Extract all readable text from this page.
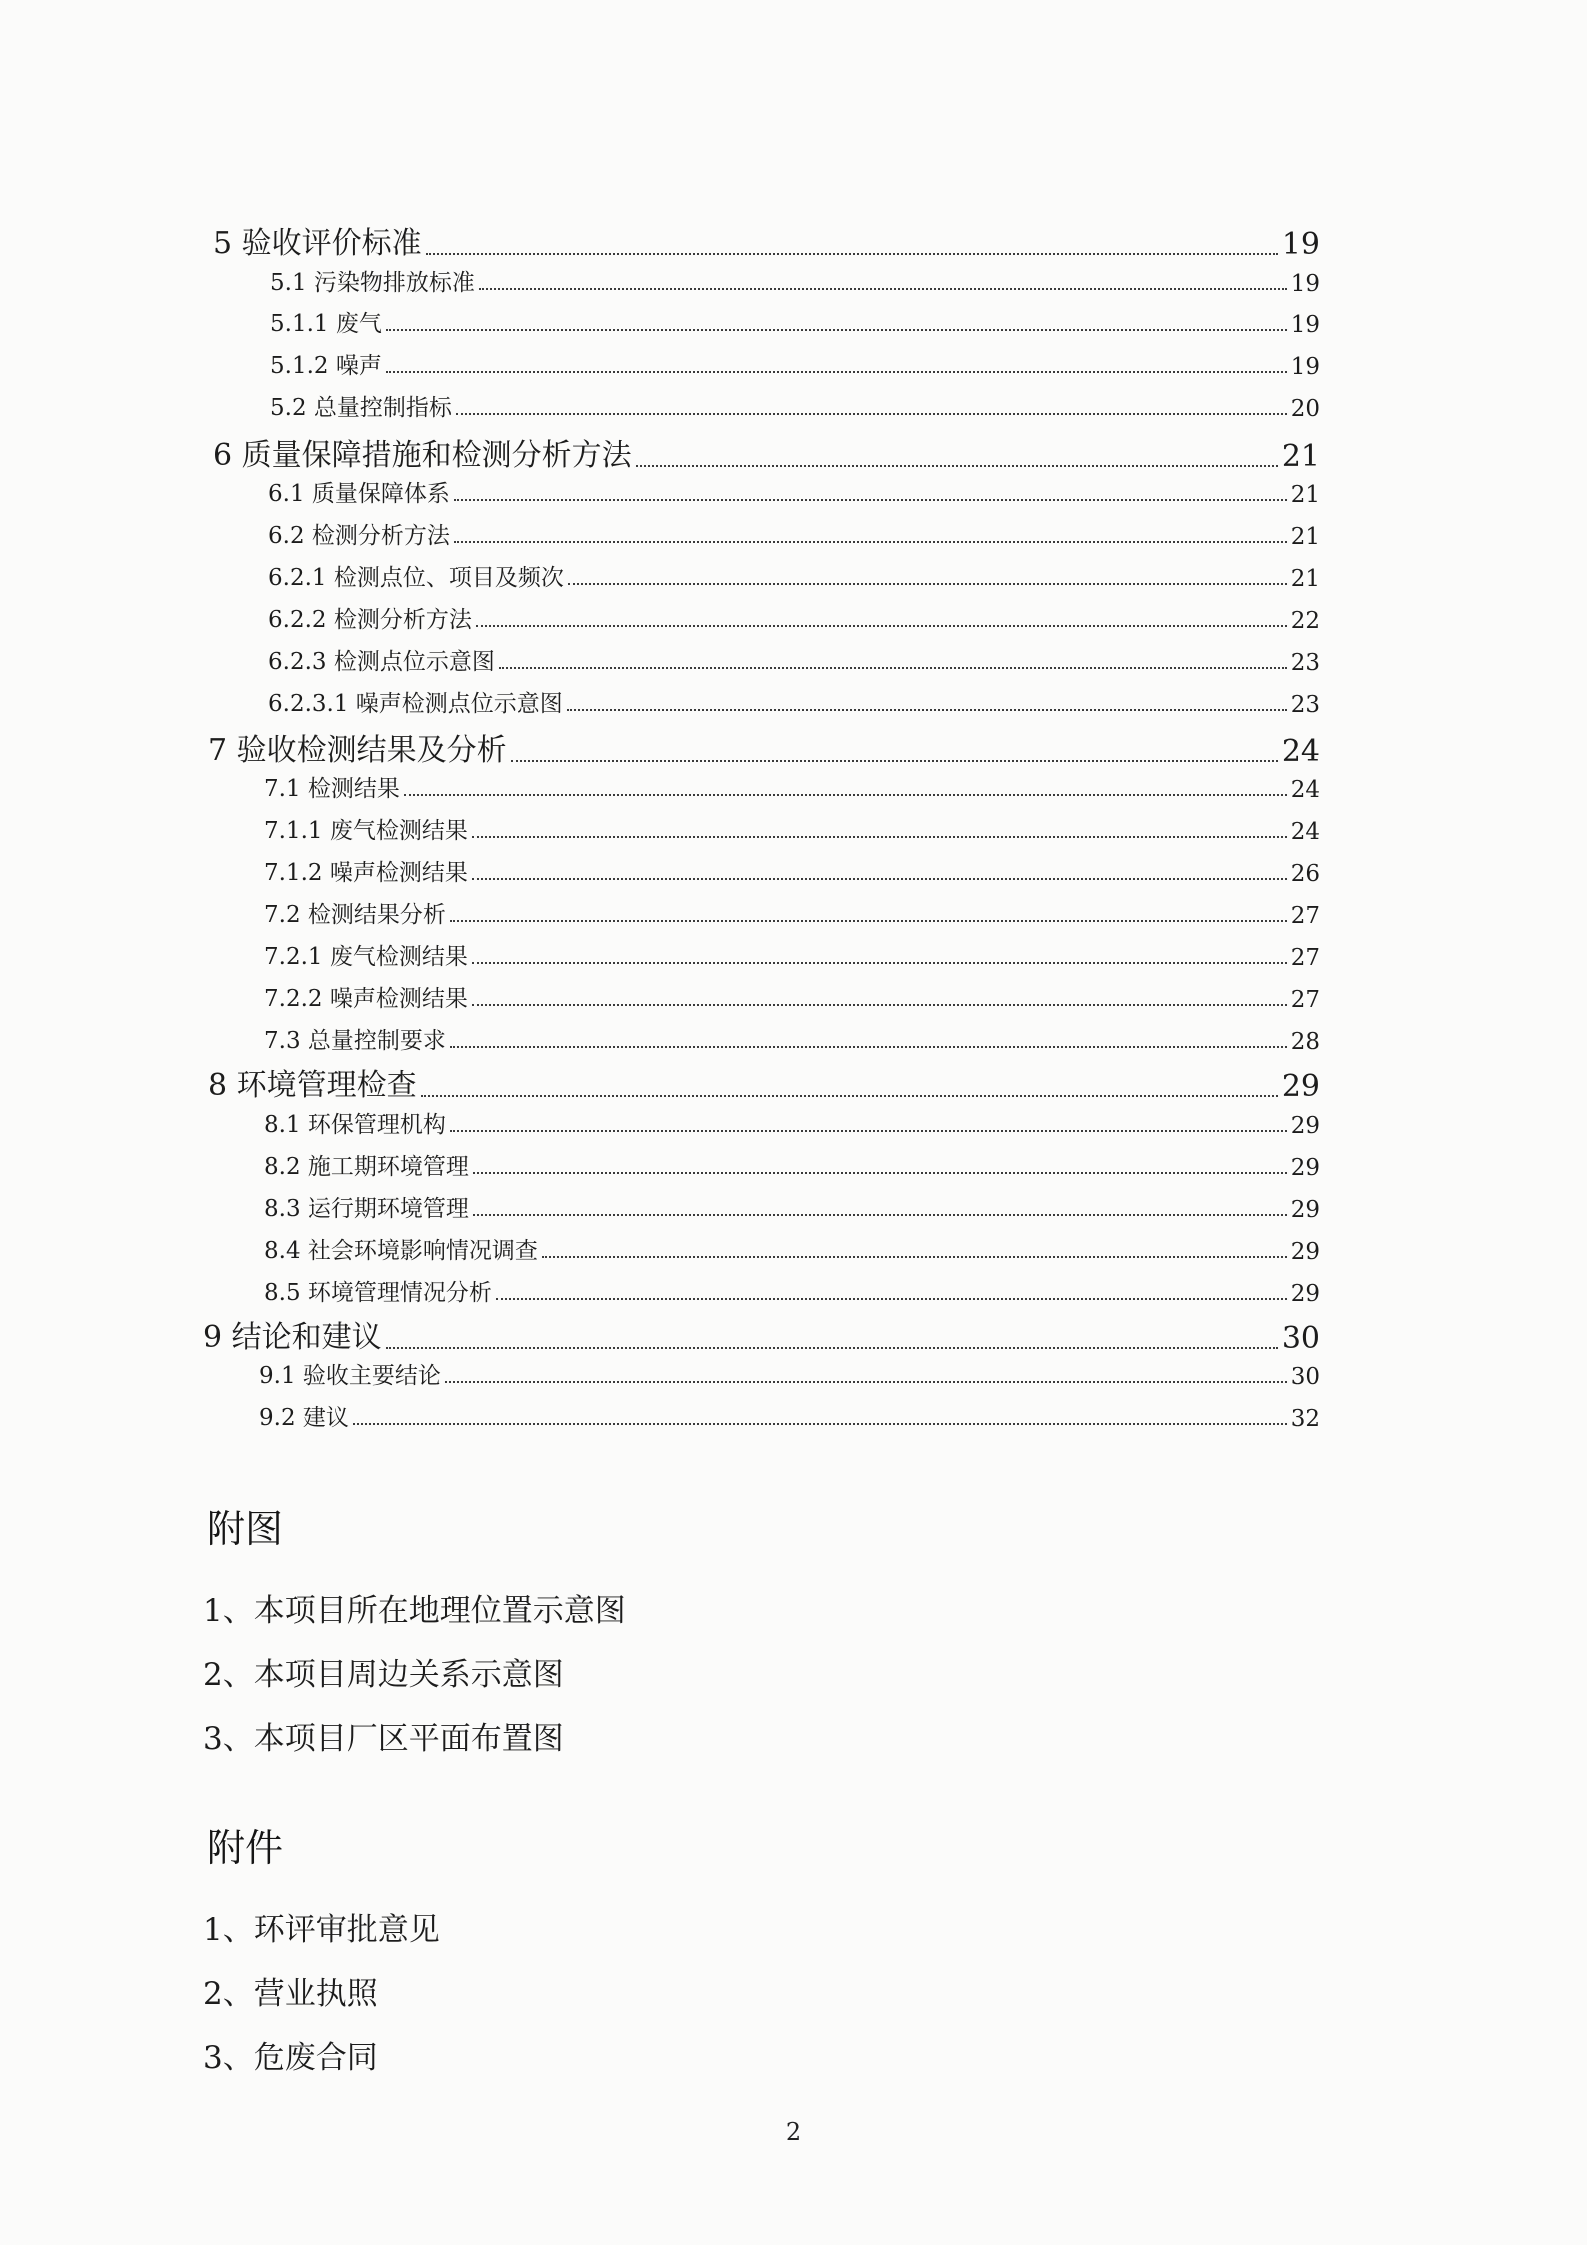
5 验收评价标准	19
5.1 污染物排放标准	19
5.1.1 废气	19
5.1.2 噪声	19
5.2 总量控制指标	20
6 质量保障措施和检测分析方法	21
6.1 质量保障体系	21
6.2 检测分析方法	21
6.2.1 检测点位、项目及频次	21
6.2.2 检测分析方法	22
6.2.3 检测点位示意图	23
6.2.3.1 噪声检测点位示意图	23
7 验收检测结果及分析	24
7.1 检测结果	24
7.1.1 废气检测结果	24
7.1.2 噪声检测结果	26
7.2 检测结果分析	27
7.2.1 废气检测结果	27
7.2.2 噪声检测结果	27
7.3 总量控制要求	28
8 环境管理检查	29
8.1 环保管理机构	29
8.2 施工期环境管理	29
8.3 运行期环境管理	29
8.4 社会环境影响情况调查	29
8.5 环境管理情况分析	29
9 结论和建议	30
9.1 验收主要结论	30
9.2 建议	32
附图
1、本项目所在地理位置示意图
2、本项目周边关系示意图
3、本项目厂区平面布置图
附件
1、环评审批意见
2、营业执照
3、危废合同
2
